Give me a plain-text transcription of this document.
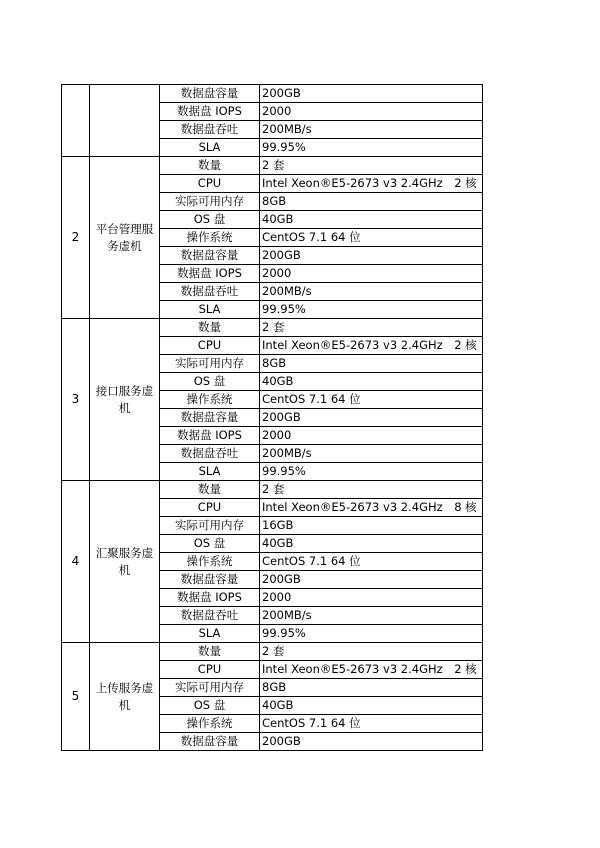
		数据盘容量	200GB
		数据盘 IOPS	2000
		数据盘吞吐	200MB/s
		SLA	99.95%
2	平台管理服务虚机	数量	2 套
		CPU	Intel Xeon®E5-2673 v3 2.4GHz　2 核
		实际可用内存	8GB
		OS 盘	40GB
		操作系统	CentOS 7.1 64 位
		数据盘容量	200GB
		数据盘 IOPS	2000
		数据盘吞吐	200MB/s
		SLA	99.95%
3	接口服务虚机	数量	2 套
		CPU	Intel Xeon®E5-2673 v3 2.4GHz　2 核
		实际可用内存	8GB
		OS 盘	40GB
		操作系统	CentOS 7.1 64 位
		数据盘容量	200GB
		数据盘 IOPS	2000
		数据盘吞吐	200MB/s
		SLA	99.95%
4	汇聚服务虚机	数量	2 套
		CPU	Intel Xeon®E5-2673 v3 2.4GHz　8 核
		实际可用内存	16GB
		OS 盘	40GB
		操作系统	CentOS 7.1 64 位
		数据盘容量	200GB
		数据盘 IOPS	2000
		数据盘吞吐	200MB/s
		SLA	99.95%
5	上传服务虚机	数量	2 套
		CPU	Intel Xeon®E5-2673 v3 2.4GHz　2 核
		实际可用内存	8GB
		OS 盘	40GB
		操作系统	CentOS 7.1 64 位
		数据盘容量	200GB
